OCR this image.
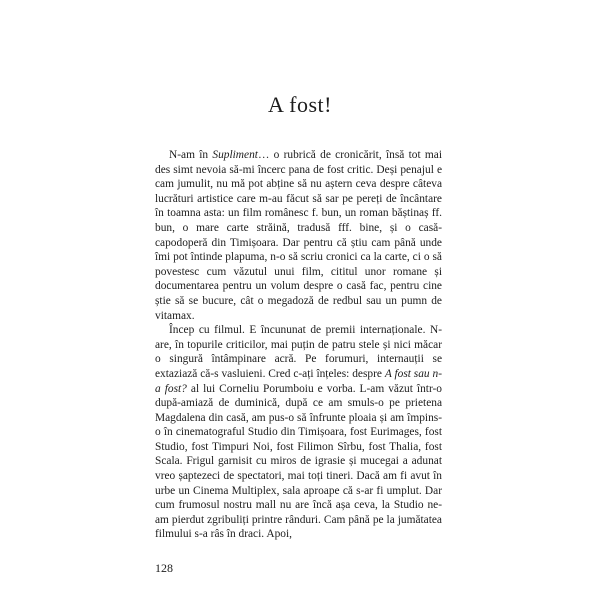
A fost!

N-am în Supliment… o rubrică de cronicărit, însă tot mai des simt nevoia să-mi încerc pana de fost critic. Deși penajul e cam jumulit, nu mă pot abține să nu aștern ceva despre câteva lucrături artistice care m-au făcut să sar pe pereți de încântare în toamna asta: un film românesc f. bun, un roman băștinaș ff. bun, o mare carte străină, tradusă fff. bine, și o casă-capodoperă din Timișoara. Dar pentru că știu cam până unde îmi pot întinde plapuma, n-o să scriu cronici ca la carte, ci o să povestesc cum văzutul unui film, cititul unor romane și documentarea pentru un volum despre o casă fac, pentru cine știe să se bucure, cât o megadoză de redbul sau un pumn de vitamax.

Încep cu filmul. E încununat de premii internaționale. N-are, în topurile criticilor, mai puțin de patru stele și nici măcar o singură întâmpinare acră. Pe forumuri, internauții se extaziază că-s vasluieni. Cred c-ați înțeles: despre A fost sau n-a fost? al lui Corneliu Porumboiu e vorba. L-am văzut într-o după-amiază de duminică, după ce am smuls-o pe prietena Magdalena din casă, am pus-o să înfrunte ploaia și am împins-o în cinematograful Studio din Timișoara, fost Eurimages, fost Studio, fost Timpuri Noi, fost Filimon Sîrbu, fost Thalia, fost Scala. Frigul garnisit cu miros de igrasie și mucegai a adunat vreo șaptezeci de spectatori, mai toți tineri. Dacă am fi avut în urbe un Cinema Multiplex, sala aproape că s-ar fi umplut. Dar cum frumosul nostru mall nu are încă așa ceva, la Studio ne-am pierdut zgribuliți printre rânduri. Cam până pe la jumătatea filmului s-a râs în draci. Apoi,

128
